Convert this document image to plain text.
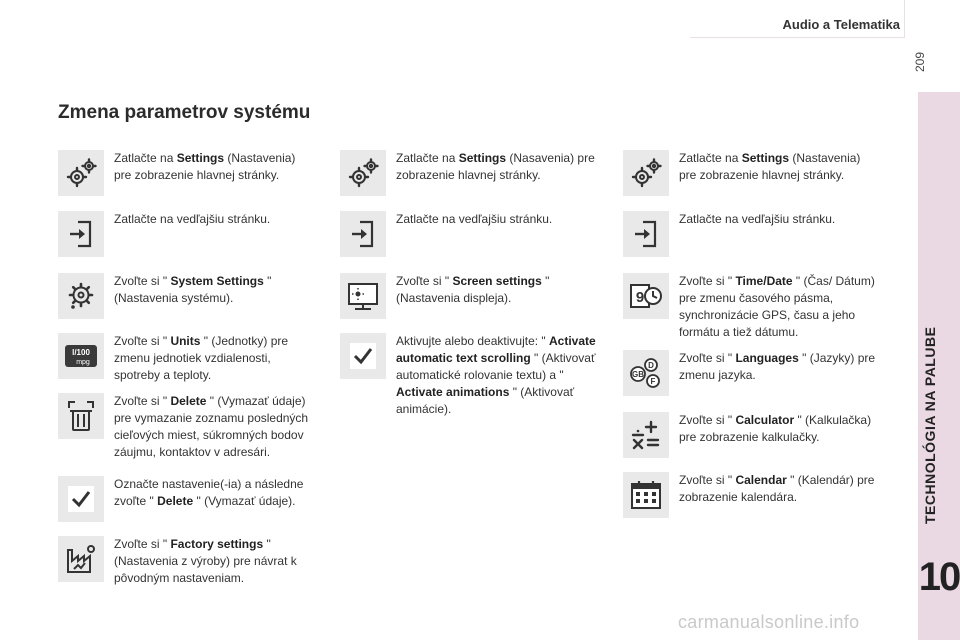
Audio a Telematika
209
TECHNOLÓGIA NA PALUBE
10
Zmena parametrov systému
Zatlačte na Settings (Nastavenia) pre zobrazenie hlavnej stránky.
Zatlačte na vedľajšiu stránku.
Zvoľte si " System Settings " (Nastavenia systému).
l/100
mpg
Zvoľte si " Units " (Jednotky) pre zmenu jednotiek vzdialenosti, spotreby a teploty.
Zvoľte si " Delete " (Vymazať údaje) pre vymazanie zoznamu posledných cieľových miest, súkromných bodov záujmu, kontaktov v adresári.
Označte nastavenie(-ia) a následne zvoľte " Delete " (Vymazať údaje).
Zvoľte si " Factory settings " (Nastavenia z výroby) pre návrat k pôvodným nastaveniam.
Zatlačte na Settings (Nasavenia) pre zobrazenie hlavnej stránky.
Zatlačte na vedľajšiu stránku.
Zvoľte si " Screen settings " (Nastavenia displeja).
Aktivujte alebo deaktivujte: " Activate automatic text scrolling " (Aktivovať automatické rolovanie textu) a " Activate animations " (Aktivovať animácie).
Zatlačte na Settings (Nastavenia) pre zobrazenie hlavnej stránky.
Zatlačte na vedľajšiu stránku.
9
Zvoľte si " Time/Date " (Čas/ Dátum) pre zmenu časového pásma, synchronizácie GPS, času a jeho formátu a tiež dátumu.
D
F
GB
Zvoľte si " Languages " (Jazyky) pre zmenu jazyka.
Zvoľte si " Calculator " (Kalkulačka) pre zobrazenie kalkulačky.
Zvoľte si " Calendar " (Kalendár) pre zobrazenie kalendára.
carmanualsonline.info
